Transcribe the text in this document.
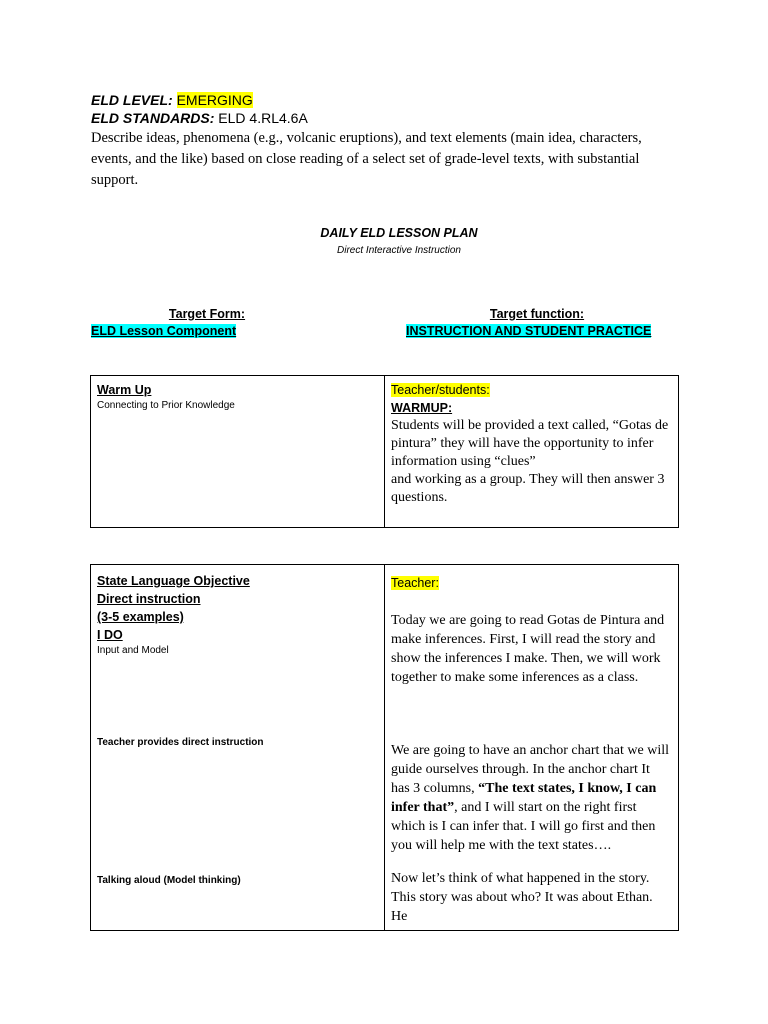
ELD LEVEL: EMERGING
ELD STANDARDS: ELD 4.RL4.6A
Describe ideas, phenomena (e.g., volcanic eruptions), and text elements (main idea, characters, events, and the like) based on close reading of a select set of grade-level texts, with substantial support.
DAILY ELD LESSON PLAN
Direct Interactive Instruction
Target Form:
ELD Lesson Component
Target function:
INSTRUCTION AND STUDENT PRACTICE
Warm Up
Connecting to Prior Knowledge

Teacher/students:
WARMUP:
Students will be provided a text called, “Gotas de pintura” they will have the opportunity to infer information using “clues”
and working as a group. They will then answer 3 questions.
State Language Objective
Direct instruction
(3-5 examples)
I DO
Input and Model
Teacher provides direct instruction
Talking aloud (Model thinking)

Teacher:
Today we are going to read Gotas de Pintura and make inferences. First, I will read the story and show the inferences I make. Then, we will work together to make some inferences as a class.
We are going to have an anchor chart that we will guide ourselves through. In the anchor chart It has 3 columns, “The text states, I know, I can infer that”, and I will start on the right first which is I can infer that. I will go first and then you will help me with the text states….
Now let’s think of what happened in the story. This story was about who? It was about Ethan. He
